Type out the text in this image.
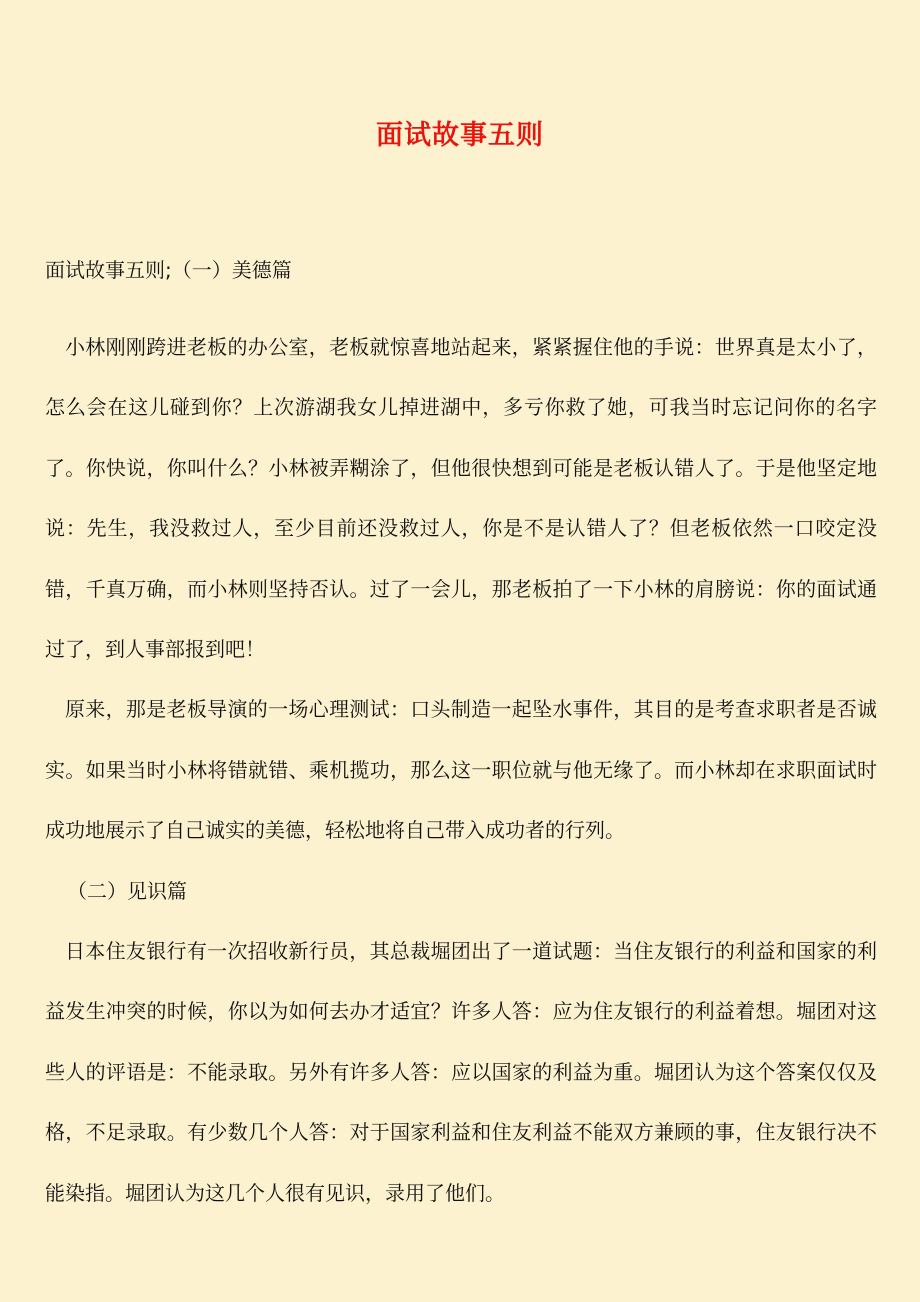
面试故事五则

面试故事五则;（一）美德篇

小林刚刚跨进老板的办公室，老板就惊喜地站起来，紧紧握住他的手说：世界真是太小了，怎么会在这儿碰到你？上次游湖我女儿掉进湖中，多亏你救了她，可我当时忘记问你的名字了。你快说，你叫什么？小林被弄糊涂了，但他很快想到可能是老板认错人了。于是他坚定地说：先生，我没救过人，至少目前还没救过人，你是不是认错人了？但老板依然一口咬定没错，千真万确，而小林则坚持否认。过了一会儿，那老板拍了一下小林的肩膀说：你的面试通过了，到人事部报到吧！

原来，那是老板导演的一场心理测试：口头制造一起坠水事件，其目的是考查求职者是否诚实。如果当时小林将错就错、乘机揽功，那么这一职位就与他无缘了。而小林却在求职面试时成功地展示了自己诚实的美德，轻松地将自己带入成功者的行列。

（二）见识篇

日本住友银行有一次招收新行员，其总裁堀团出了一道试题：当住友银行的利益和国家的利益发生冲突的时候，你以为如何去办才适宜？许多人答：应为住友银行的利益着想。堀团对这些人的评语是：不能录取。另外有许多人答：应以国家的利益为重。堀团认为这个答案仅仅及格，不足录取。有少数几个人答：对于国家利益和住友利益不能双方兼顾的事，住友银行决不能染指。堀团认为这几个人很有见识，录用了他们。
